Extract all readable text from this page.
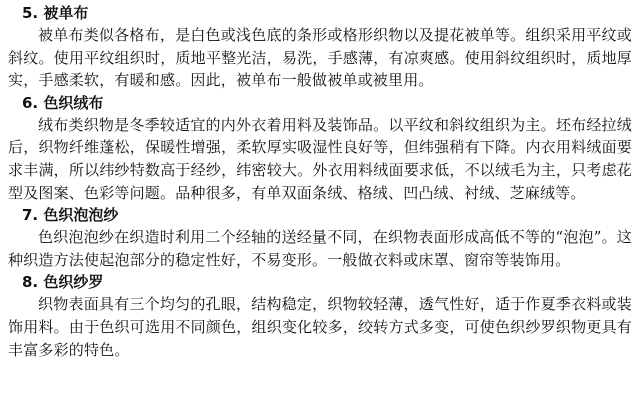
5. 被单布

被单布类似各格布，是白色或浅色底的条形或格形织物以及提花被单等。组织采用平纹或斜纹。使用平纹组织时，质地平整光洁，易洗，手感薄，有凉爽感。使用斜纹组织时，质地厚实，手感柔软，有暖和感。因此，被单布一般做被单或被里用。

6. 色织绒布

绒布类织物是冬季较适宜的内外衣着用料及装饰品。以平纹和斜纹组织为主。坯布经拉绒后，织物纤维蓬松，保暖性增强，柔软厚实吸湿性良好等，但纬强稍有下降。内衣用料绒面要求丰满，所以纬纱特数高于经纱，纬密较大。外衣用料绒面要求低，不以绒毛为主，只考虑花型及图案、色彩等问题。品种很多，有单双面条绒、格绒、凹凸绒、衬绒、芝麻绒等。

7. 色织泡泡纱

色织泡泡纱在织造时利用二个经轴的送经量不同，在织物表面形成高低不等的“泡泡”。这种织造方法使起泡部分的稳定性好，不易变形。一般做衣料或床罩、窗帘等装饰用。

8. 色织纱罗

织物表面具有三个均匀的孔眼，结构稳定，织物较轻薄，透气性好，适于作夏季衣料或装饰用料。由于色织可选用不同颜色，组织变化较多，绞转方式多变，可使色织纱罗织物更具有丰富多彩的特色。
